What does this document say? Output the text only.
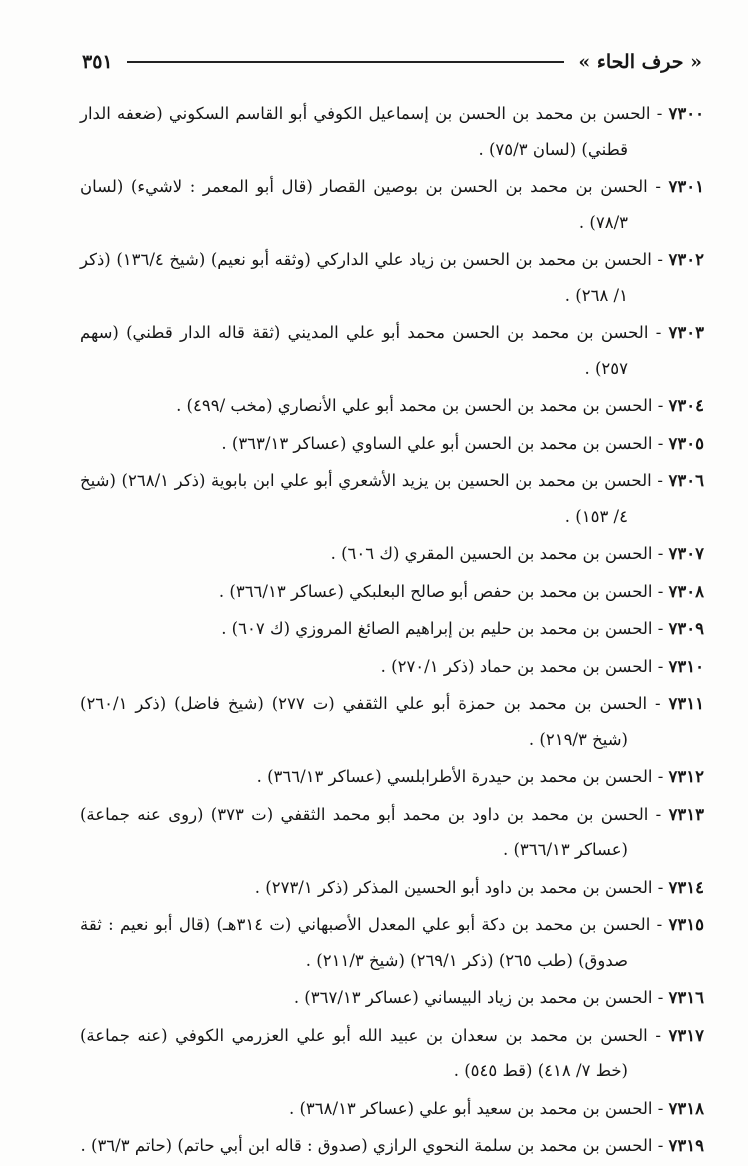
« حرف الحاء »
٣٥١
٧٣٠٠ - الحسن بن محمد بن الحسن بن إسماعيل الكوفي أبو القاسم السكوني (ضعفه الدار قطني) (لسان ٧٥/٣) .
٧٣٠١ - الحسن بن محمد بن الحسن بن بوصين القصار (قال أبو المعمر : لاشيء) (لسان ٧٨/٣) .
٧٣٠٢ - الحسن بن محمد بن الحسن بن زياد علي الداركي (وثقه أبو نعيم) (شيخ ١٣٦/٤) (ذكر ١/ ٢٦٨) .
٧٣٠٣ - الحسن بن محمد بن الحسن محمد أبو علي المديني (ثقة قاله الدار قطني) (سهم ٢٥٧) .
٧٣٠٤ - الحسن بن محمد بن الحسن بن محمد أبو علي الأنصاري (مخب /٤٩٩) .
٧٣٠٥ - الحسن بن محمد بن الحسن أبو علي الساوي (عساكر ٣٦٣/١٣) .
٧٣٠٦ - الحسن بن محمد بن الحسين بن يزيد الأشعري أبو علي ابن بابوية (ذكر ٢٦٨/١) (شيخ ٤/ ١٥٣) .
٧٣٠٧ - الحسن بن محمد بن الحسين المقري (ك ٦٠٦) .
٧٣٠٨ - الحسن بن محمد بن حفص أبو صالح البعلبكي (عساكر ٣٦٦/١٣) .
٧٣٠٩ - الحسن بن محمد بن حليم بن إبراهيم الصائغ المروزي (ك ٦٠٧) .
٧٣١٠ - الحسن بن محمد بن حماد (ذكر ٢٧٠/١) .
٧٣١١ - الحسن بن محمد بن حمزة أبو علي الثقفي (ت ٢٧٧) (شيخ فاضل) (ذكر ٢٦٠/١) (شيخ ٢١٩/٣) .
٧٣١٢ - الحسن بن محمد بن حيدرة الأطرابلسي (عساكر ٣٦٦/١٣) .
٧٣١٣ - الحسن بن محمد بن داود بن محمد أبو محمد الثقفي (ت ٣٧٣) (روى عنه جماعة) (عساكر ٣٦٦/١٣) .
٧٣١٤ - الحسن بن محمد بن داود أبو الحسين المذكر (ذكر ٢٧٣/١) .
٧٣١٥ - الحسن بن محمد بن دكة أبو علي المعدل الأصبهاني (ت ٣١٤هـ) (قال أبو نعيم : ثقة صدوق) (طب ٢٦٥) (ذكر ٢٦٩/١) (شيخ ٢١١/٣) .
٧٣١٦ - الحسن بن محمد بن زياد البيساني (عساكر ٣٦٧/١٣) .
٧٣١٧ - الحسن بن محمد بن سعدان بن عبيد الله أبو علي العزرمي الكوفي (عنه جماعة) (خط ٧/ ٤١٨) (قط ٥٤٥) .
٧٣١٨ - الحسن بن محمد بن سعيد أبو علي (عساكر ٣٦٨/١٣) .
٧٣١٩ - الحسن بن محمد بن سلمة النحوي الرازي (صدوق : قاله ابن أبي حاتم) (حاتم ٣٦/٣) .
